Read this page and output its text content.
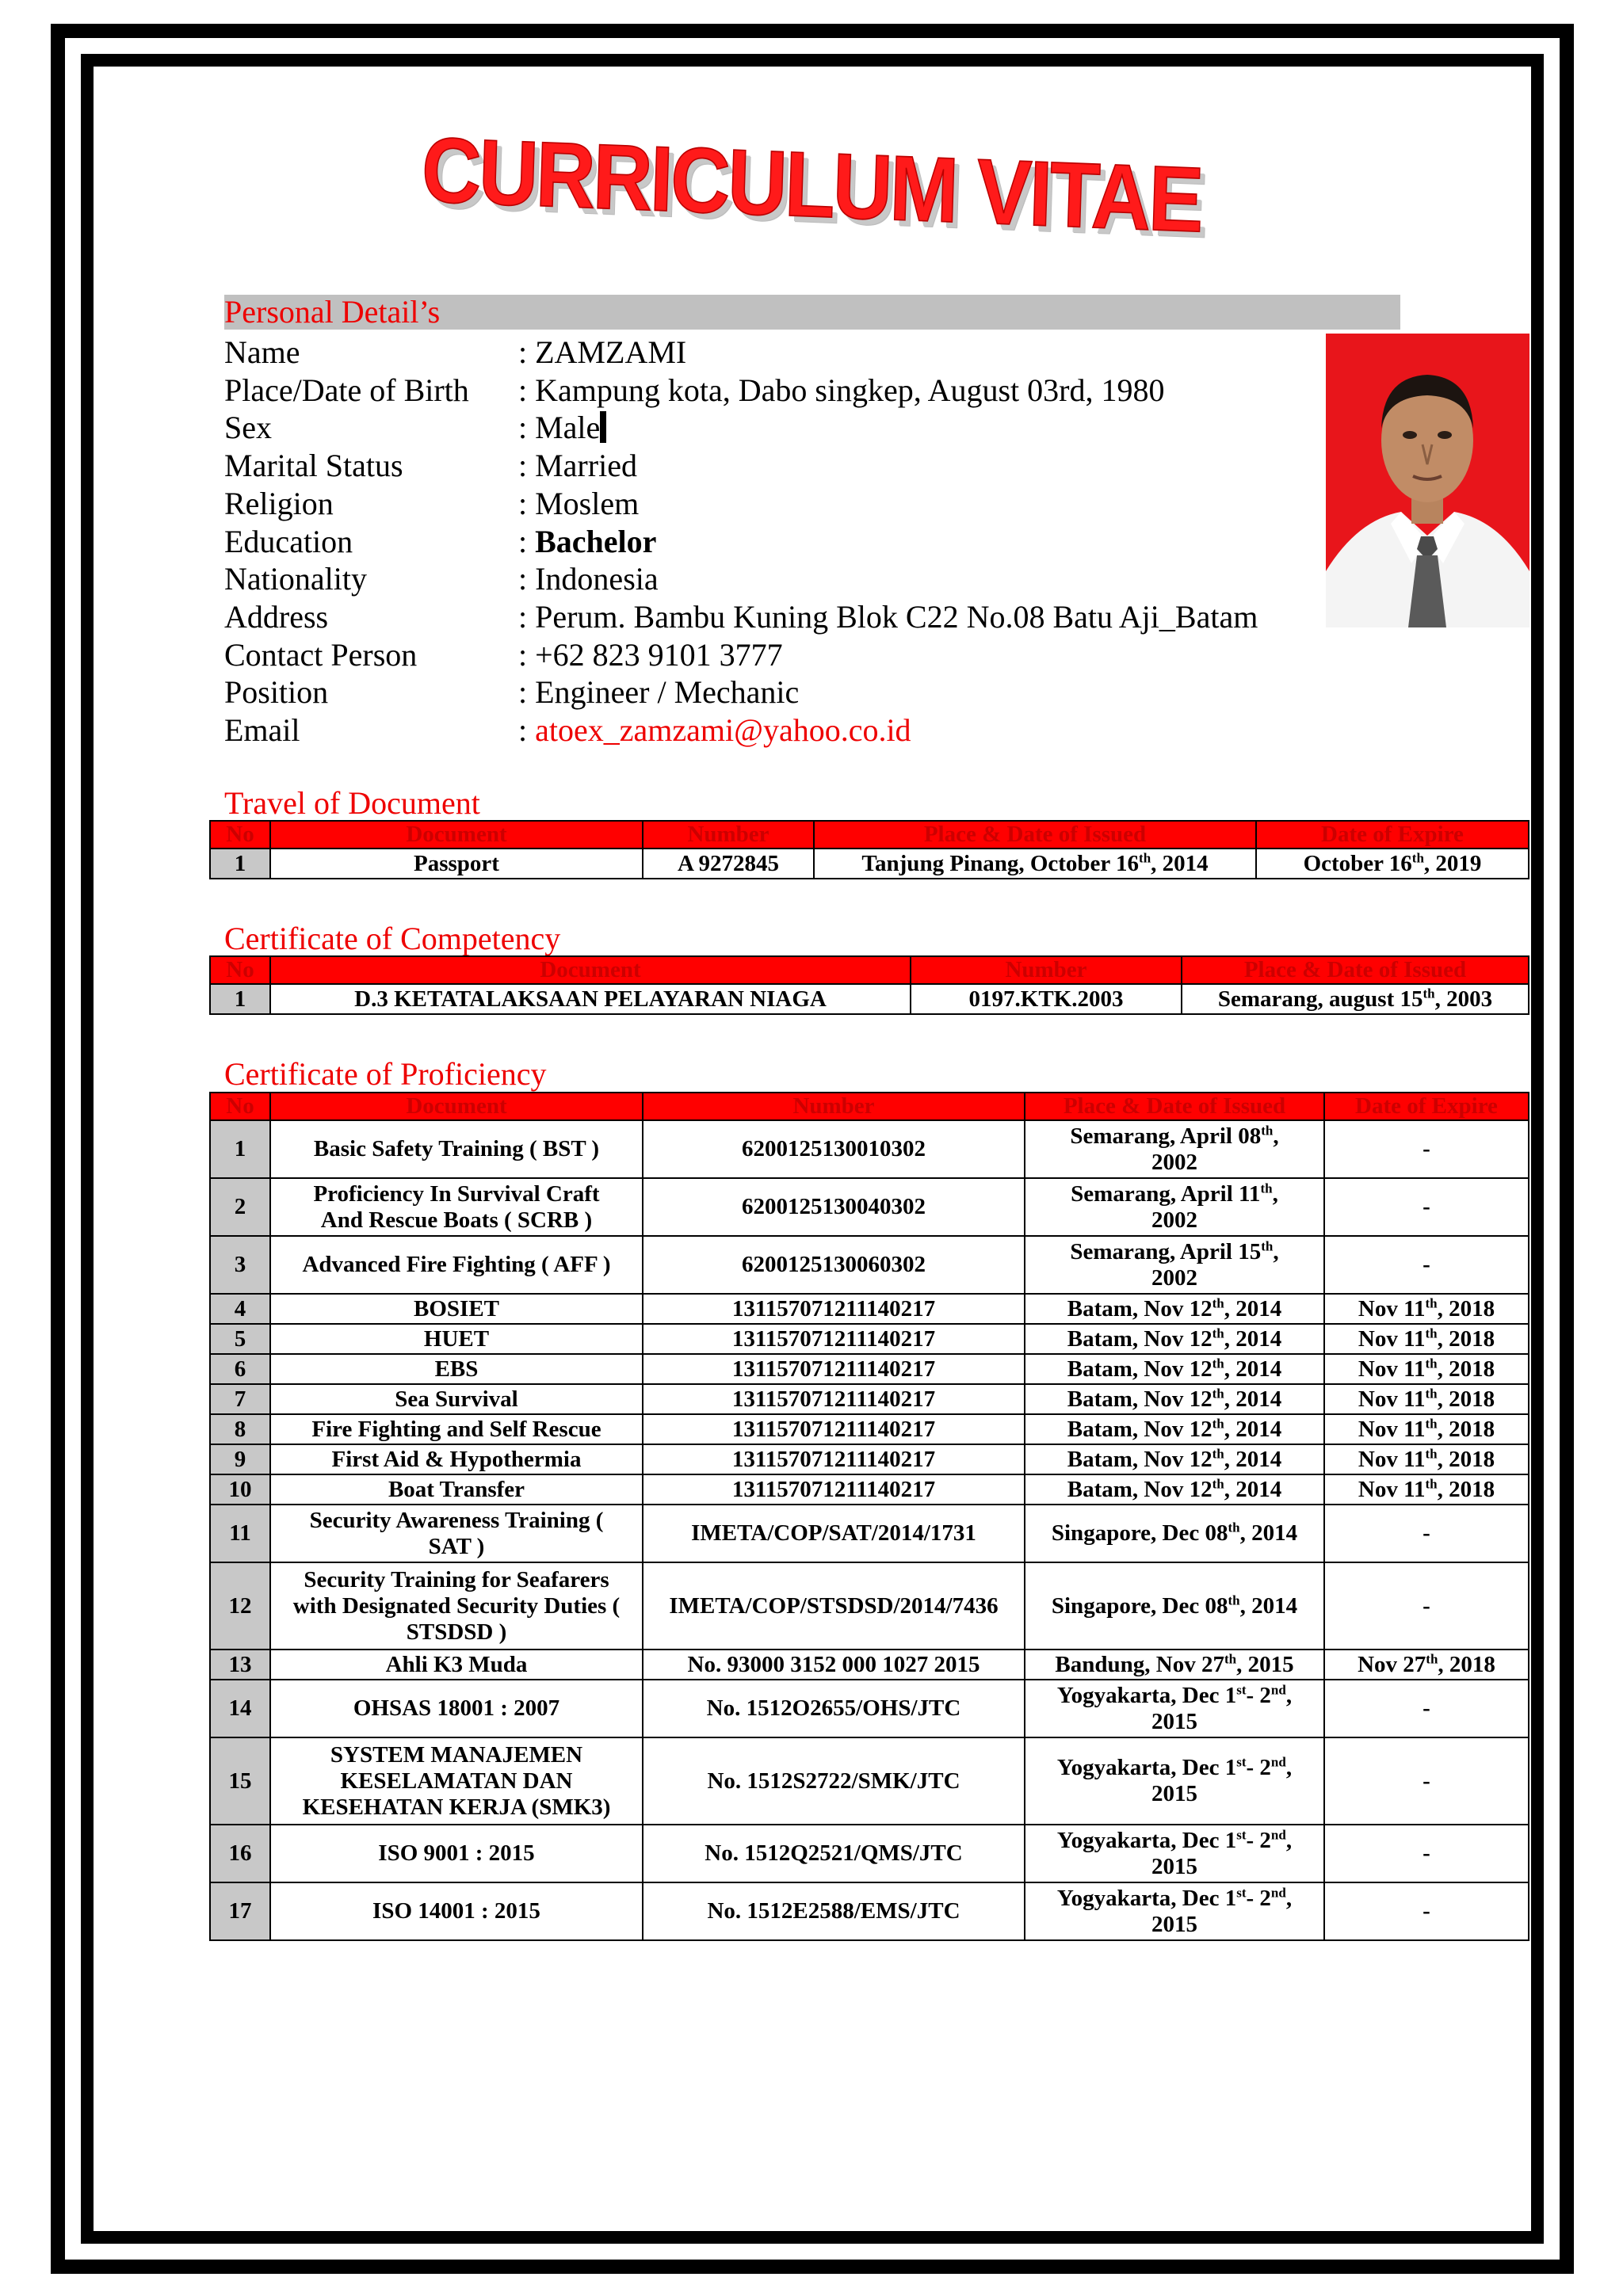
CURRICULUM VITAE
Personal Detail’s
Name	: ZAMZAMI
Place/Date of Birth : Kampung kota, Dabo singkep, August 03rd, 1980
Sex	: Male
Marital Status	: Married
Religion	: Moslem
Education	: Bachelor
Nationality	: Indonesia
Address	: Perum. Bambu Kuning Blok C22 No.08 Batu Aji_Batam
Contact Person	: +62 823 9101 3777
Position	: Engineer / Mechanic
Email	: atoex_zamzami@yahoo.co.id
Travel of Document
No	Document	Number	Place & Date of Issued	Date of Expire
1	Passport	A 9272845	Tanjung Pinang, October 16th, 2014	October 16th, 2019
Certificate of Competency
No	Document	Number	Place & Date of Issued
1	D.3 KETATALAKSAAN PELAYARAN NIAGA	0197.KTK.2003	Semarang, august 15th, 2003
Certificate of Proficiency
No	Document	Number	Place & Date of Issued	Date of Expire
1	Basic Safety Training ( BST )	6200125130010302	Semarang, April 08th, 2002	-
2	Proficiency In Survival Craft And Rescue Boats ( SCRB )	6200125130040302	Semarang, April 11th, 2002	-
3	Advanced Fire Fighting ( AFF )	6200125130060302	Semarang, April 15th, 2002	-
4	BOSIET	131157071211140217	Batam, Nov 12th, 2014	Nov 11th, 2018
5	HUET	131157071211140217	Batam, Nov 12th, 2014	Nov 11th, 2018
6	EBS	131157071211140217	Batam, Nov 12th, 2014	Nov 11th, 2018
7	Sea Survival	131157071211140217	Batam, Nov 12th, 2014	Nov 11th, 2018
8	Fire Fighting and Self Rescue	131157071211140217	Batam, Nov 12th, 2014	Nov 11th, 2018
9	First Aid & Hypothermia	131157071211140217	Batam, Nov 12th, 2014	Nov 11th, 2018
10	Boat Transfer	131157071211140217	Batam, Nov 12th, 2014	Nov 11th, 2018
11	Security Awareness Training ( SAT )	IMETA/COP/SAT/2014/1731	Singapore, Dec 08th, 2014	-
12	Security Training for Seafarers with Designated Security Duties ( STSDSD )	IMETA/COP/STSDSD/2014/7436	Singapore, Dec 08th, 2014	-
13	Ahli K3 Muda	No. 93000 3152 000 1027 2015	Bandung, Nov 27th, 2015	Nov 27th, 2018
14	OHSAS 18001 : 2007	No. 1512O2655/OHS/JTC	Yogyakarta, Dec 1st- 2nd, 2015	-
15	SYSTEM MANAJEMEN KESELAMATAN DAN KESEHATAN KERJA (SMK3)	No. 1512S2722/SMK/JTC	Yogyakarta, Dec 1st- 2nd, 2015	-
16	ISO 9001 : 2015	No. 1512Q2521/QMS/JTC	Yogyakarta, Dec 1st- 2nd, 2015	-
17	ISO 14001 : 2015	No. 1512E2588/EMS/JTC	Yogyakarta, Dec 1st- 2nd, 2015	-
